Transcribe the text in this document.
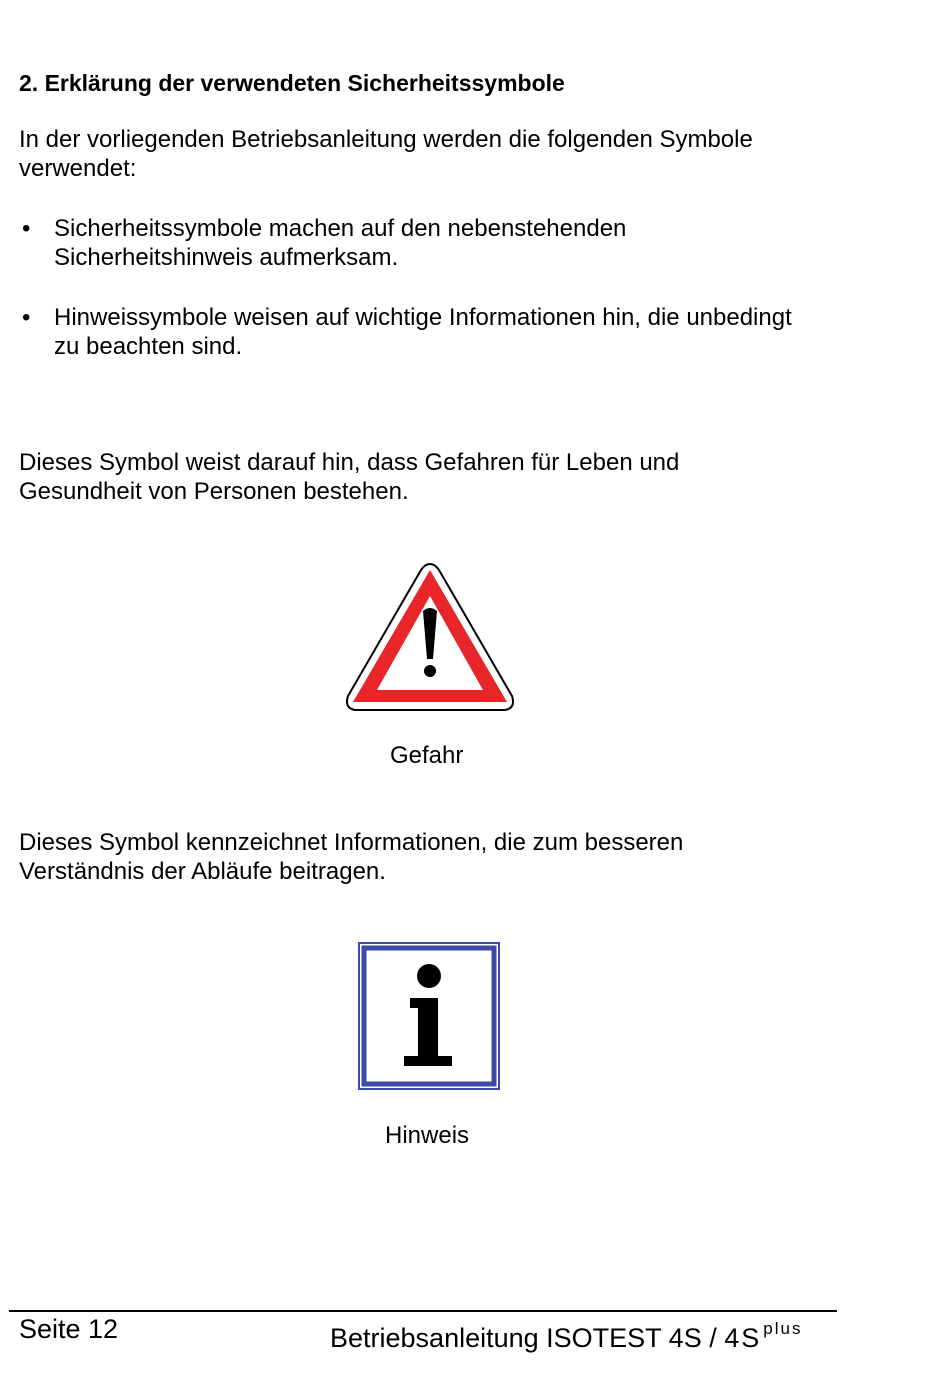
2. Erklärung der verwendeten Sicherheitssymbole
In der vorliegenden Betriebsanleitung werden die folgenden Symbole
verwendet:
• Sicherheitssymbole machen auf den nebenstehenden
Sicherheitshinweis aufmerksam.
• Hinweissymbole weisen auf wichtige Informationen hin, die unbedingt
zu beachten sind.
Dieses Symbol weist darauf hin, dass Gefahren für Leben und
Gesundheit von Personen bestehen.
Gefahr
Dieses Symbol kennzeichnet Informationen, die zum besseren
Verständnis der Abläufe beitragen.
Hinweis
Seite 12	Betriebsanleitung ISOTEST 4S / 4S $^{plus}$
